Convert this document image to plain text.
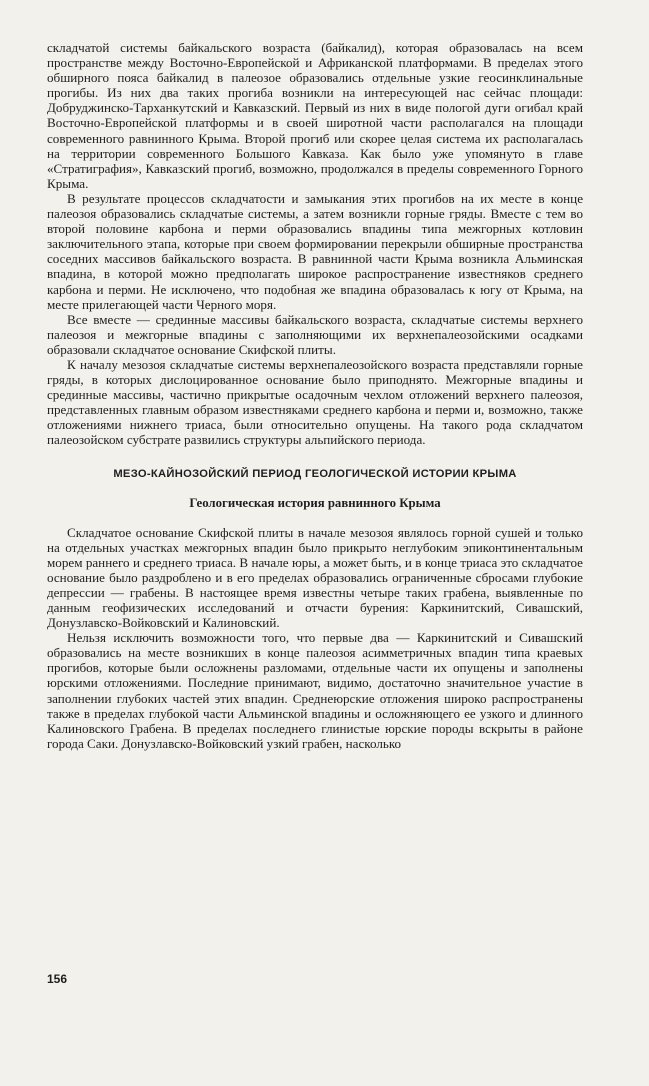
складчатой системы байкальского возраста (байкалид), которая образовалась на всем пространстве между Восточно-Европейской и Африканской платформами. В пределах этого обширного пояса байкалид в палеозое образовались отдельные узкие геосинклинальные прогибы. Из них два таких прогиба возникли на интересующей нас сейчас площади: Добруджинско-Тарханкутский и Кавказский. Первый из них в виде пологой дуги огибал край Восточно-Европейской платформы и в своей широтной части располагался на площади современного равнинного Крыма. Второй прогиб или скорее целая система их располагалась на территории современного Большого Кавказа. Как было уже упомянуто в главе «Стратиграфия», Кавказский прогиб, возможно, продолжался в пределы современного Горного Крыма.

В результате процессов складчатости и замыкания этих прогибов на их месте в конце палеозоя образовались складчатые системы, а затем возникли горные гряды. Вместе с тем во второй половине карбона и перми образовались впадины типа межгорных котловин заключительного этапа, которые при своем формировании перекрыли обширные пространства соседних массивов байкальского возраста. В равнинной части Крыма возникла Альминская впадина, в которой можно предполагать широкое распространение известняков среднего карбона и перми. Не исключено, что подобная же впадина образовалась к югу от Крыма, на месте прилегающей части Черного моря.

Все вместе — срединные массивы байкальского возраста, складчатые системы верхнего палеозоя и межгорные впадины с заполняющими их верхнепалеозойскими осадками образовали складчатое основание Скифской плиты.

К началу мезозоя складчатые системы верхнепалеозойского возраста представляли горные гряды, в которых дислоцированное основание было приподнято. Межгорные впадины и срединные массивы, частично прикрытые осадочным чехлом отложений верхнего палеозоя, представленных главным образом известняками среднего карбона и перми и, возможно, также отложениями нижнего триаса, были относительно опущены. На такого рода складчатом палеозойском субстрате развились структуры альпийского периода.

МЕЗО-КАЙНОЗОЙСКИЙ ПЕРИОД ГЕОЛОГИЧЕСКОЙ ИСТОРИИ КРЫМА
Геологическая история равнинного Крыма

Складчатое основание Скифской плиты в начале мезозоя являлось горной сушей и только на отдельных участках межгорных впадин было прикрыто неглубоким эпиконтинентальным морем раннего и среднего триаса. В начале юры, а может быть, и в конце триаса это складчатое основание было раздроблено и в его пределах образовались ограниченные сбросами глубокие депрессии — грабены. В настоящее время известны четыре таких грабена, выявленные по данным геофизических исследований и отчасти бурения: Каркинитский, Сивашский, Донузлавско-Войковский и Калиновский.

Нельзя исключить возможности того, что первые два — Каркинитский и Сивашский образовались на месте возникших в конце палеозоя асимметричных впадин типа краевых прогибов, которые были осложнены разломами, отдельные части их опущены и заполнены юрскими отложениями. Последние принимают, видимо, достаточно значительное участие в заполнении глубоких частей этих впадин. Среднеюрские отложения широко распространены также в пределах глубокой части Альминской впадины и осложняющего ее узкого и длинного Калиновского Грабена. В пределах последнего глинистые юрские породы вскрыты в районе города Саки. Донузлавско-Войковский узкий грабен, насколько

156
